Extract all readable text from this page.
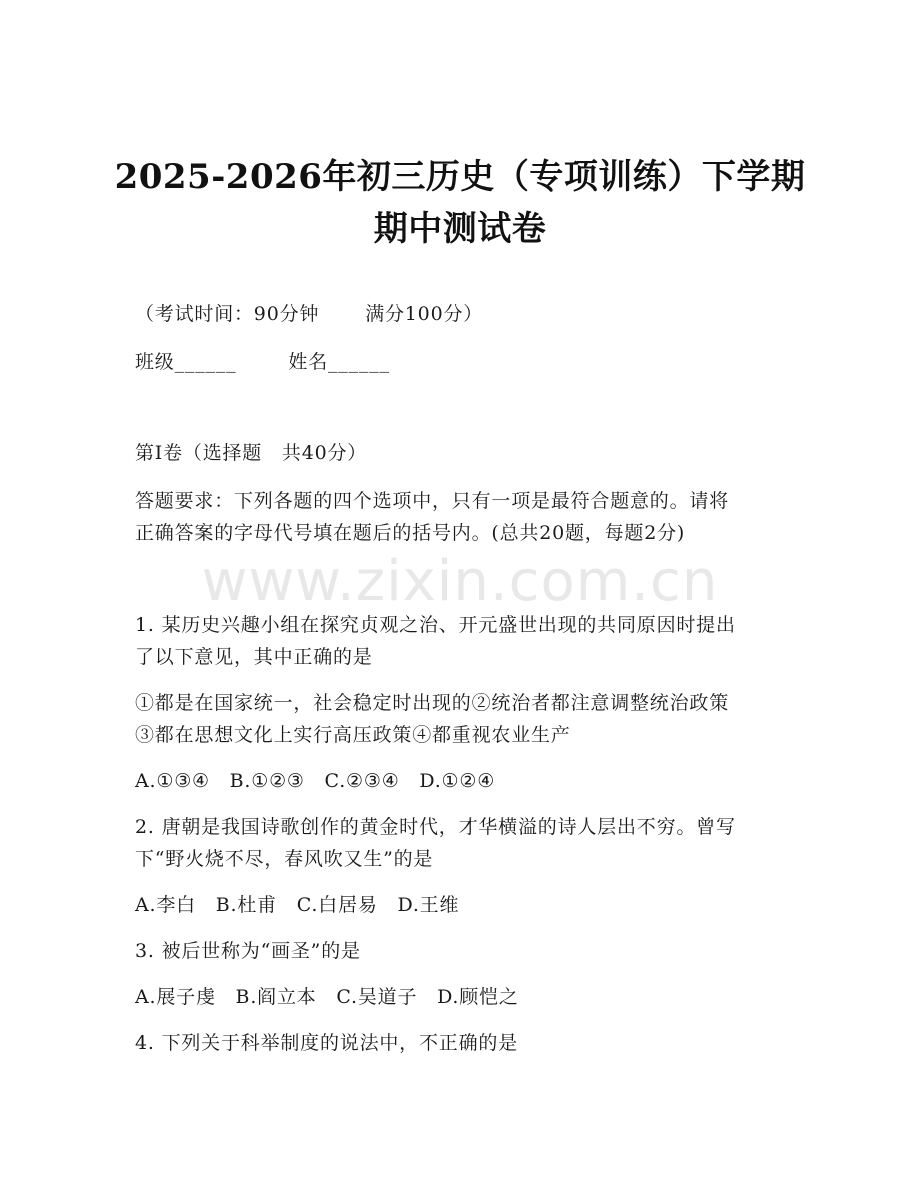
www.zixin.com.cn
2025-2026年初三历史（专项训练）下学期
期中测试卷
（考试时间：90分钟 满分100分）
班级______	姓名______
第Ⅰ卷（选择题　共40分）
答题要求：下列各题的四个选项中，只有一项是最符合题意的。请将
正确答案的字母代号填在题后的括号内。(总共20题，每题2分)
1. 某历史兴趣小组在探究贞观之治、开元盛世出现的共同原因时提出
了以下意见，其中正确的是
①都是在国家统一，社会稳定时出现的②统治者都注意调整统治政策
③都在思想文化上实行高压政策④都重视农业生产
A.①③④　B.①②③　C.②③④　D.①②④
2. 唐朝是我国诗歌创作的黄金时代，才华横溢的诗人层出不穷。曾写
下“野火烧不尽，春风吹又生”的是
A.李白　B.杜甫　C.白居易　D.王维
3. 被后世称为“画圣”的是
A.展子虔　B.阎立本　C.吴道子　D.顾恺之
4. 下列关于科举制度的说法中，不正确的是
